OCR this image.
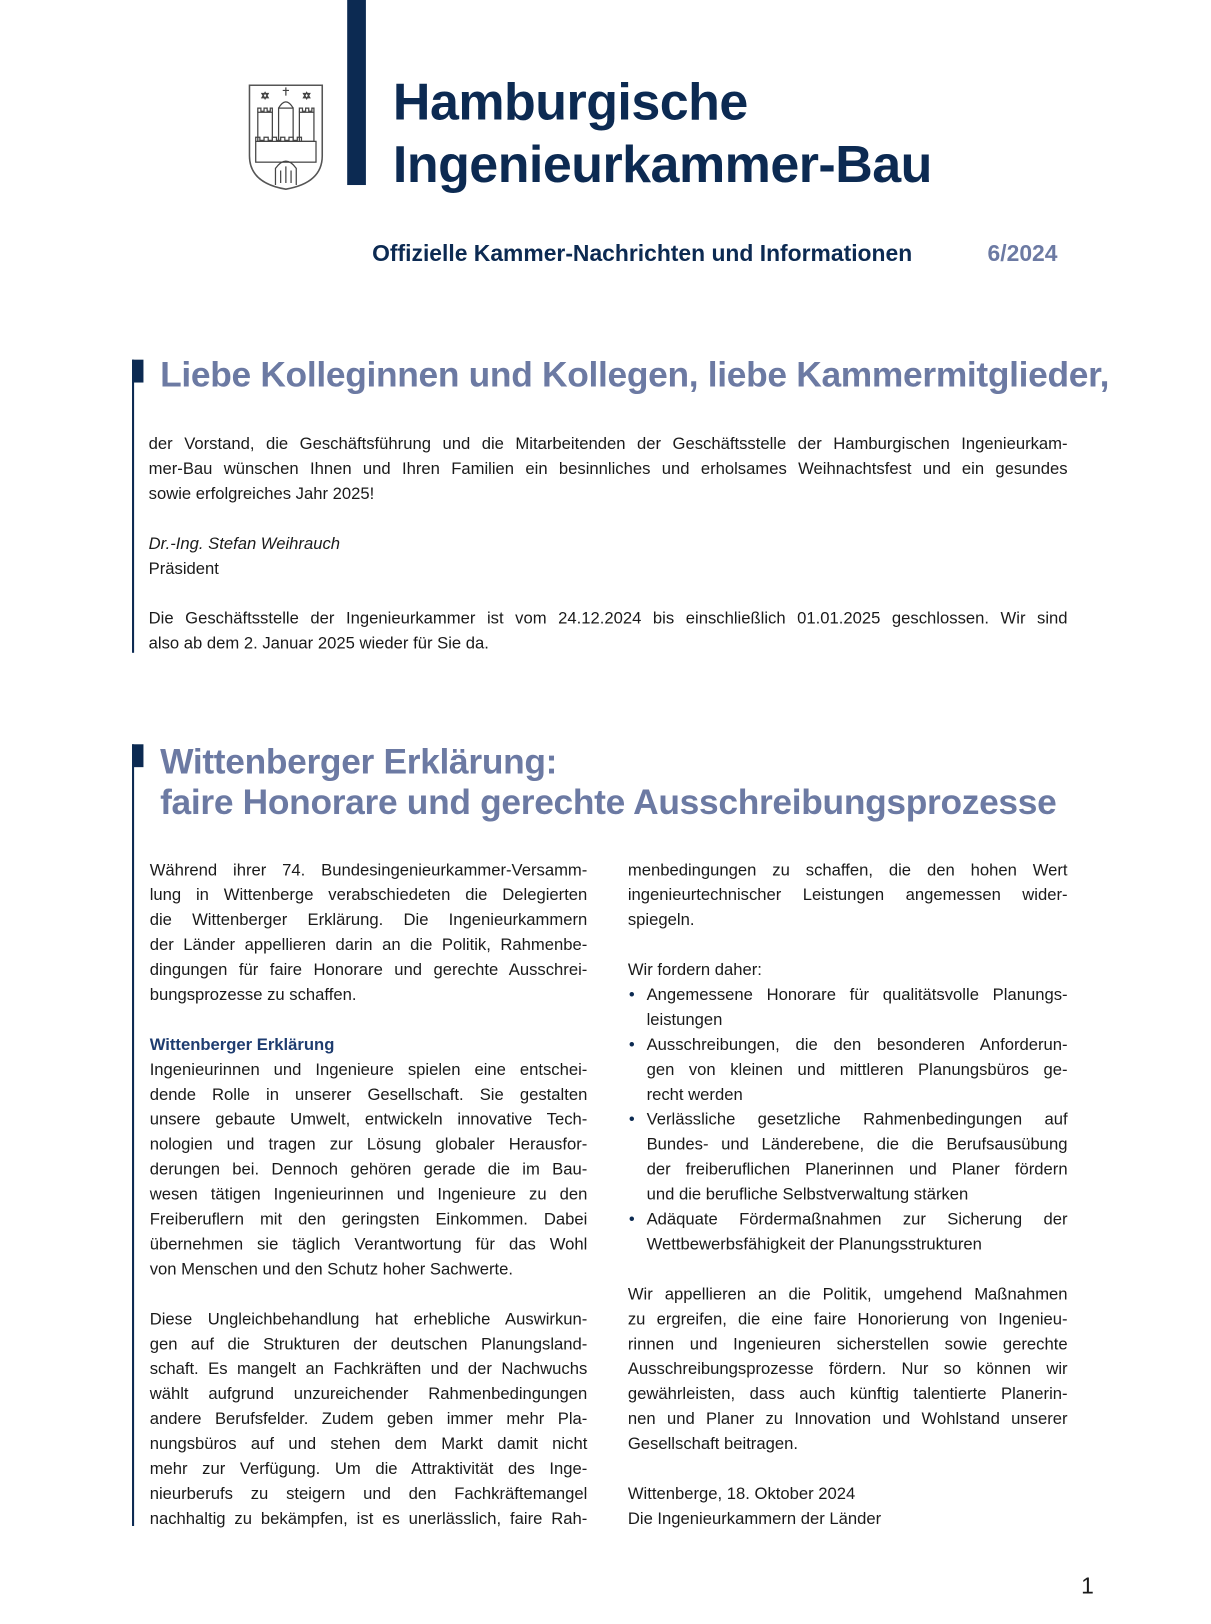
Hamburgische
Ingenieurkammer-Bau
Offizielle Kammer-Nachrichten und Informationen	6/2024
Liebe Kolleginnen und Kollegen, liebe Kammermitglieder,
der Vorstand, die Geschäftsführung und die Mitarbeitenden der Geschäftsstelle der Hamburgischen Ingenieurkam-
mer-Bau wünschen Ihnen und Ihren Familien ein besinnliches und erholsames Weihnachtsfest und ein gesundes
sowie erfolgreiches Jahr 2025!
Dr.-Ing. Stefan Weihrauch
Präsident
Die Geschäftsstelle der Ingenieurkammer ist vom 24.12.2024 bis einschließlich 01.01.2025 geschlossen. Wir sind
also ab dem 2. Januar 2025 wieder für Sie da.
Wittenberger Erklärung:
faire Honorare und gerechte Ausschreibungsprozesse
Während ihrer 74. Bundesingenieurkammer-Versamm-
lung in Wittenberge verabschiedeten die Delegierten
die Wittenberger Erklärung. Die Ingenieurkammern
der Länder appellieren darin an die Politik, Rahmenbe-
dingungen für faire Honorare und gerechte Ausschrei-
bungsprozesse zu schaffen.
Wittenberger Erklärung
Ingenieurinnen und Ingenieure spielen eine entschei-
dende Rolle in unserer Gesellschaft. Sie gestalten
unsere gebaute Umwelt, entwickeln innovative Tech-
nologien und tragen zur Lösung globaler Herausfor-
derungen bei. Dennoch gehören gerade die im Bau-
wesen tätigen Ingenieurinnen und Ingenieure zu den
Freiberuflern mit den geringsten Einkommen. Dabei
übernehmen sie täglich Verantwortung für das Wohl
von Menschen und den Schutz hoher Sachwerte.
Diese Ungleichbehandlung hat erhebliche Auswirkun-
gen auf die Strukturen der deutschen Planungsland-
schaft. Es mangelt an Fachkräften und der Nachwuchs
wählt aufgrund unzureichender Rahmenbedingungen
andere Berufsfelder. Zudem geben immer mehr Pla-
nungsbüros auf und stehen dem Markt damit nicht
mehr zur Verfügung. Um die Attraktivität des Inge-
nieurberufs zu steigern und den Fachkräftemangel
nachhaltig zu bekämpfen, ist es unerlässlich, faire Rah-
menbedingungen zu schaffen, die den hohen Wert
ingenieurtechnischer Leistungen angemessen wider-
spiegeln.
Wir fordern daher:
• Angemessene Honorare für qualitätsvolle Planungs-
leistungen
• Ausschreibungen, die den besonderen Anforderun-
gen von kleinen und mittleren Planungsbüros ge-
recht werden
• Verlässliche gesetzliche Rahmenbedingungen auf
Bundes- und Länderebene, die die Berufsausübung
der freiberuflichen Planerinnen und Planer fördern
und die berufliche Selbstverwaltung stärken
• Adäquate Fördermaßnahmen zur Sicherung der
Wettbewerbsfähigkeit der Planungsstrukturen
Wir appellieren an die Politik, umgehend Maßnahmen
zu ergreifen, die eine faire Honorierung von Ingenieu-
rinnen und Ingenieuren sicherstellen sowie gerechte
Ausschreibungsprozesse fördern. Nur so können wir
gewährleisten, dass auch künftig talentierte Planerin-
nen und Planer zu Innovation und Wohlstand unserer
Gesellschaft beitragen.
Wittenberge, 18. Oktober 2024
Die Ingenieurkammern der Länder
1
